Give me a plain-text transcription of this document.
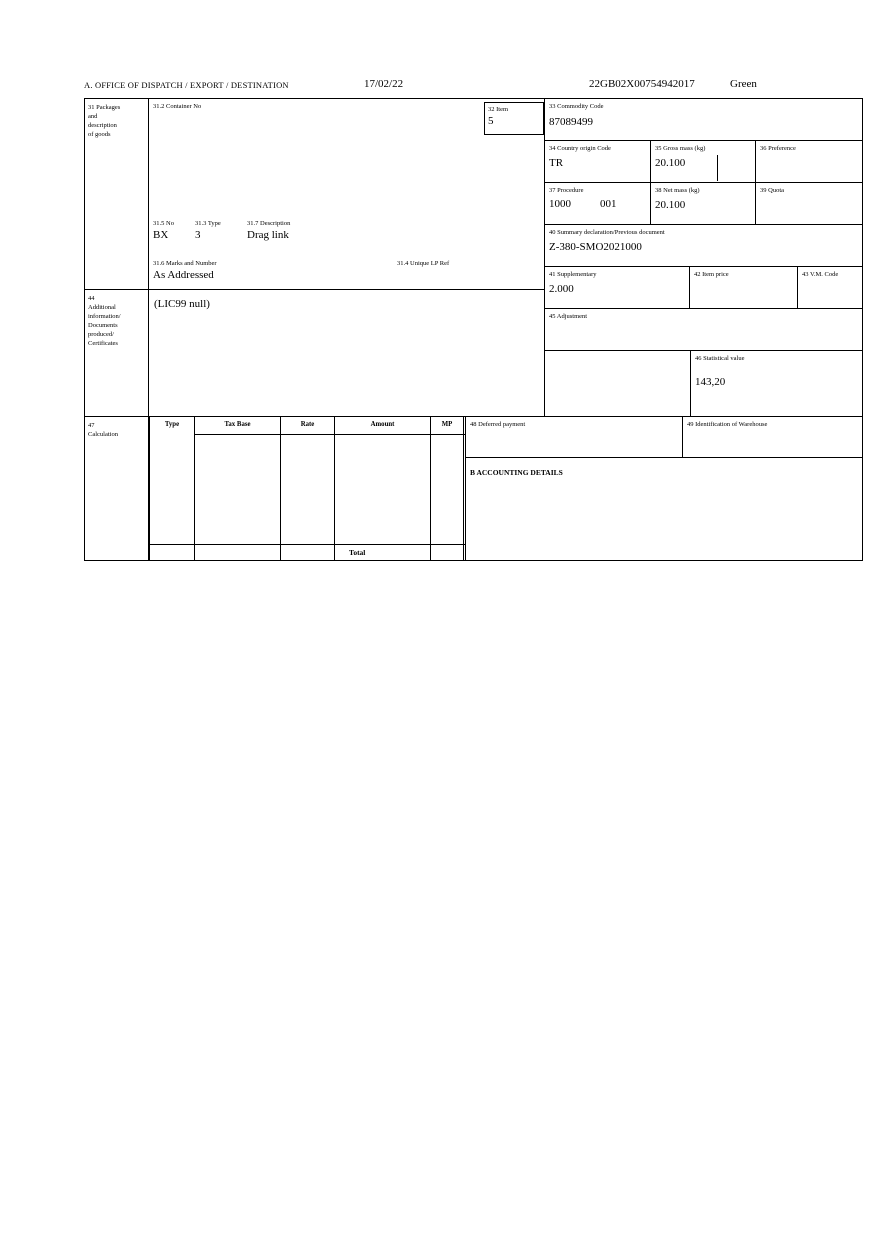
A. OFFICE OF DISPATCH / EXPORT / DESTINATION	17/02/22	22GB02X00754942017	Green
31 Packages
and
description
of goods
44
Additional
information/
Documents
produced/
Certificates
47
Calculation
31.2 Container No
31.5 No	31.3 Type	31.7 Description
BX 3	Drag link
31.6 Marks and Number
As Addressed
31.4 Unique LP Ref
32 Item
5
33 Commodity Code
87089499
34 Country origin Code
TR
35 Gross mass (kg)
20.100
36 Preference
37 Procedure
1000	001
38 Net mass (kg)
20.100
39 Quota
40 Summary declaration/Previous document
Z-380-SMO2021000
41 Supplementary
2.000
42 Item price	43 V.M. Code
45 Adjustment
46 Statistical value
143,20
(LIC99 null)
Type	Tax Base	Rate	Amount	MP
Total
48 Deferred payment	49 Identification of Warehouse
B ACCOUNTING DETAILS
